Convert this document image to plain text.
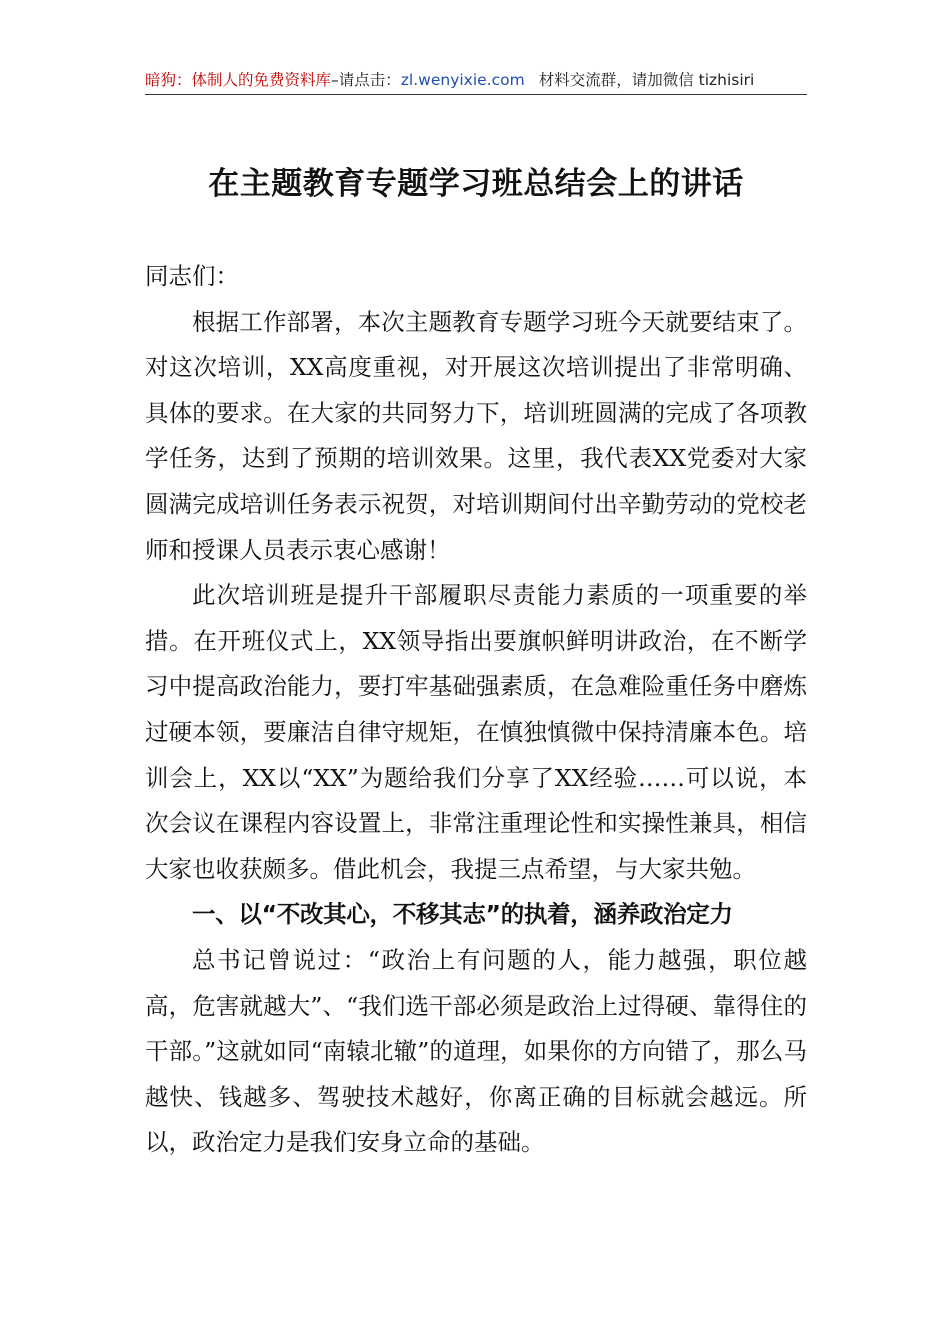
暗狗：体制人的免费资料库–请点击：zl.wenyixie.com 材料交流群，请加微信 tizhisiri
在主题教育专题学习班总结会上的讲话

同志们：

根据工作部署，本次主题教育专题学习班今天就要结束了。对这次培训，XX高度重视，对开展这次培训提出了非常明确、具体的要求。在大家的共同努力下，培训班圆满的完成了各项教学任务，达到了预期的培训效果。这里，我代表XX党委对大家圆满完成培训任务表示祝贺，对培训期间付出辛勤劳动的党校老师和授课人员表示衷心感谢！

此次培训班是提升干部履职尽责能力素质的一项重要的举措。在开班仪式上，XX领导指出要旗帜鲜明讲政治，在不断学习中提高政治能力，要打牢基础强素质，在急难险重任务中磨炼过硬本领，要廉洁自律守规矩，在慎独慎微中保持清廉本色。培训会上，XX以“XX”为题给我们分享了XX经验……可以说，本次会议在课程内容设置上，非常注重理论性和实操性兼具，相信大家也收获颇多。借此机会，我提三点希望，与大家共勉。

一、以“不改其心，不移其志”的执着，涵养政治定力

总书记曾说过：“政治上有问题的人，能力越强，职位越高，危害就越大”、“我们选干部必须是政治上过得硬、靠得住的干部。”这就如同“南辕北辙”的道理，如果你的方向错了，那么马越快、钱越多、驾驶技术越好，你离正确的目标就会越远。所以，政治定力是我们安身立命的基础。
